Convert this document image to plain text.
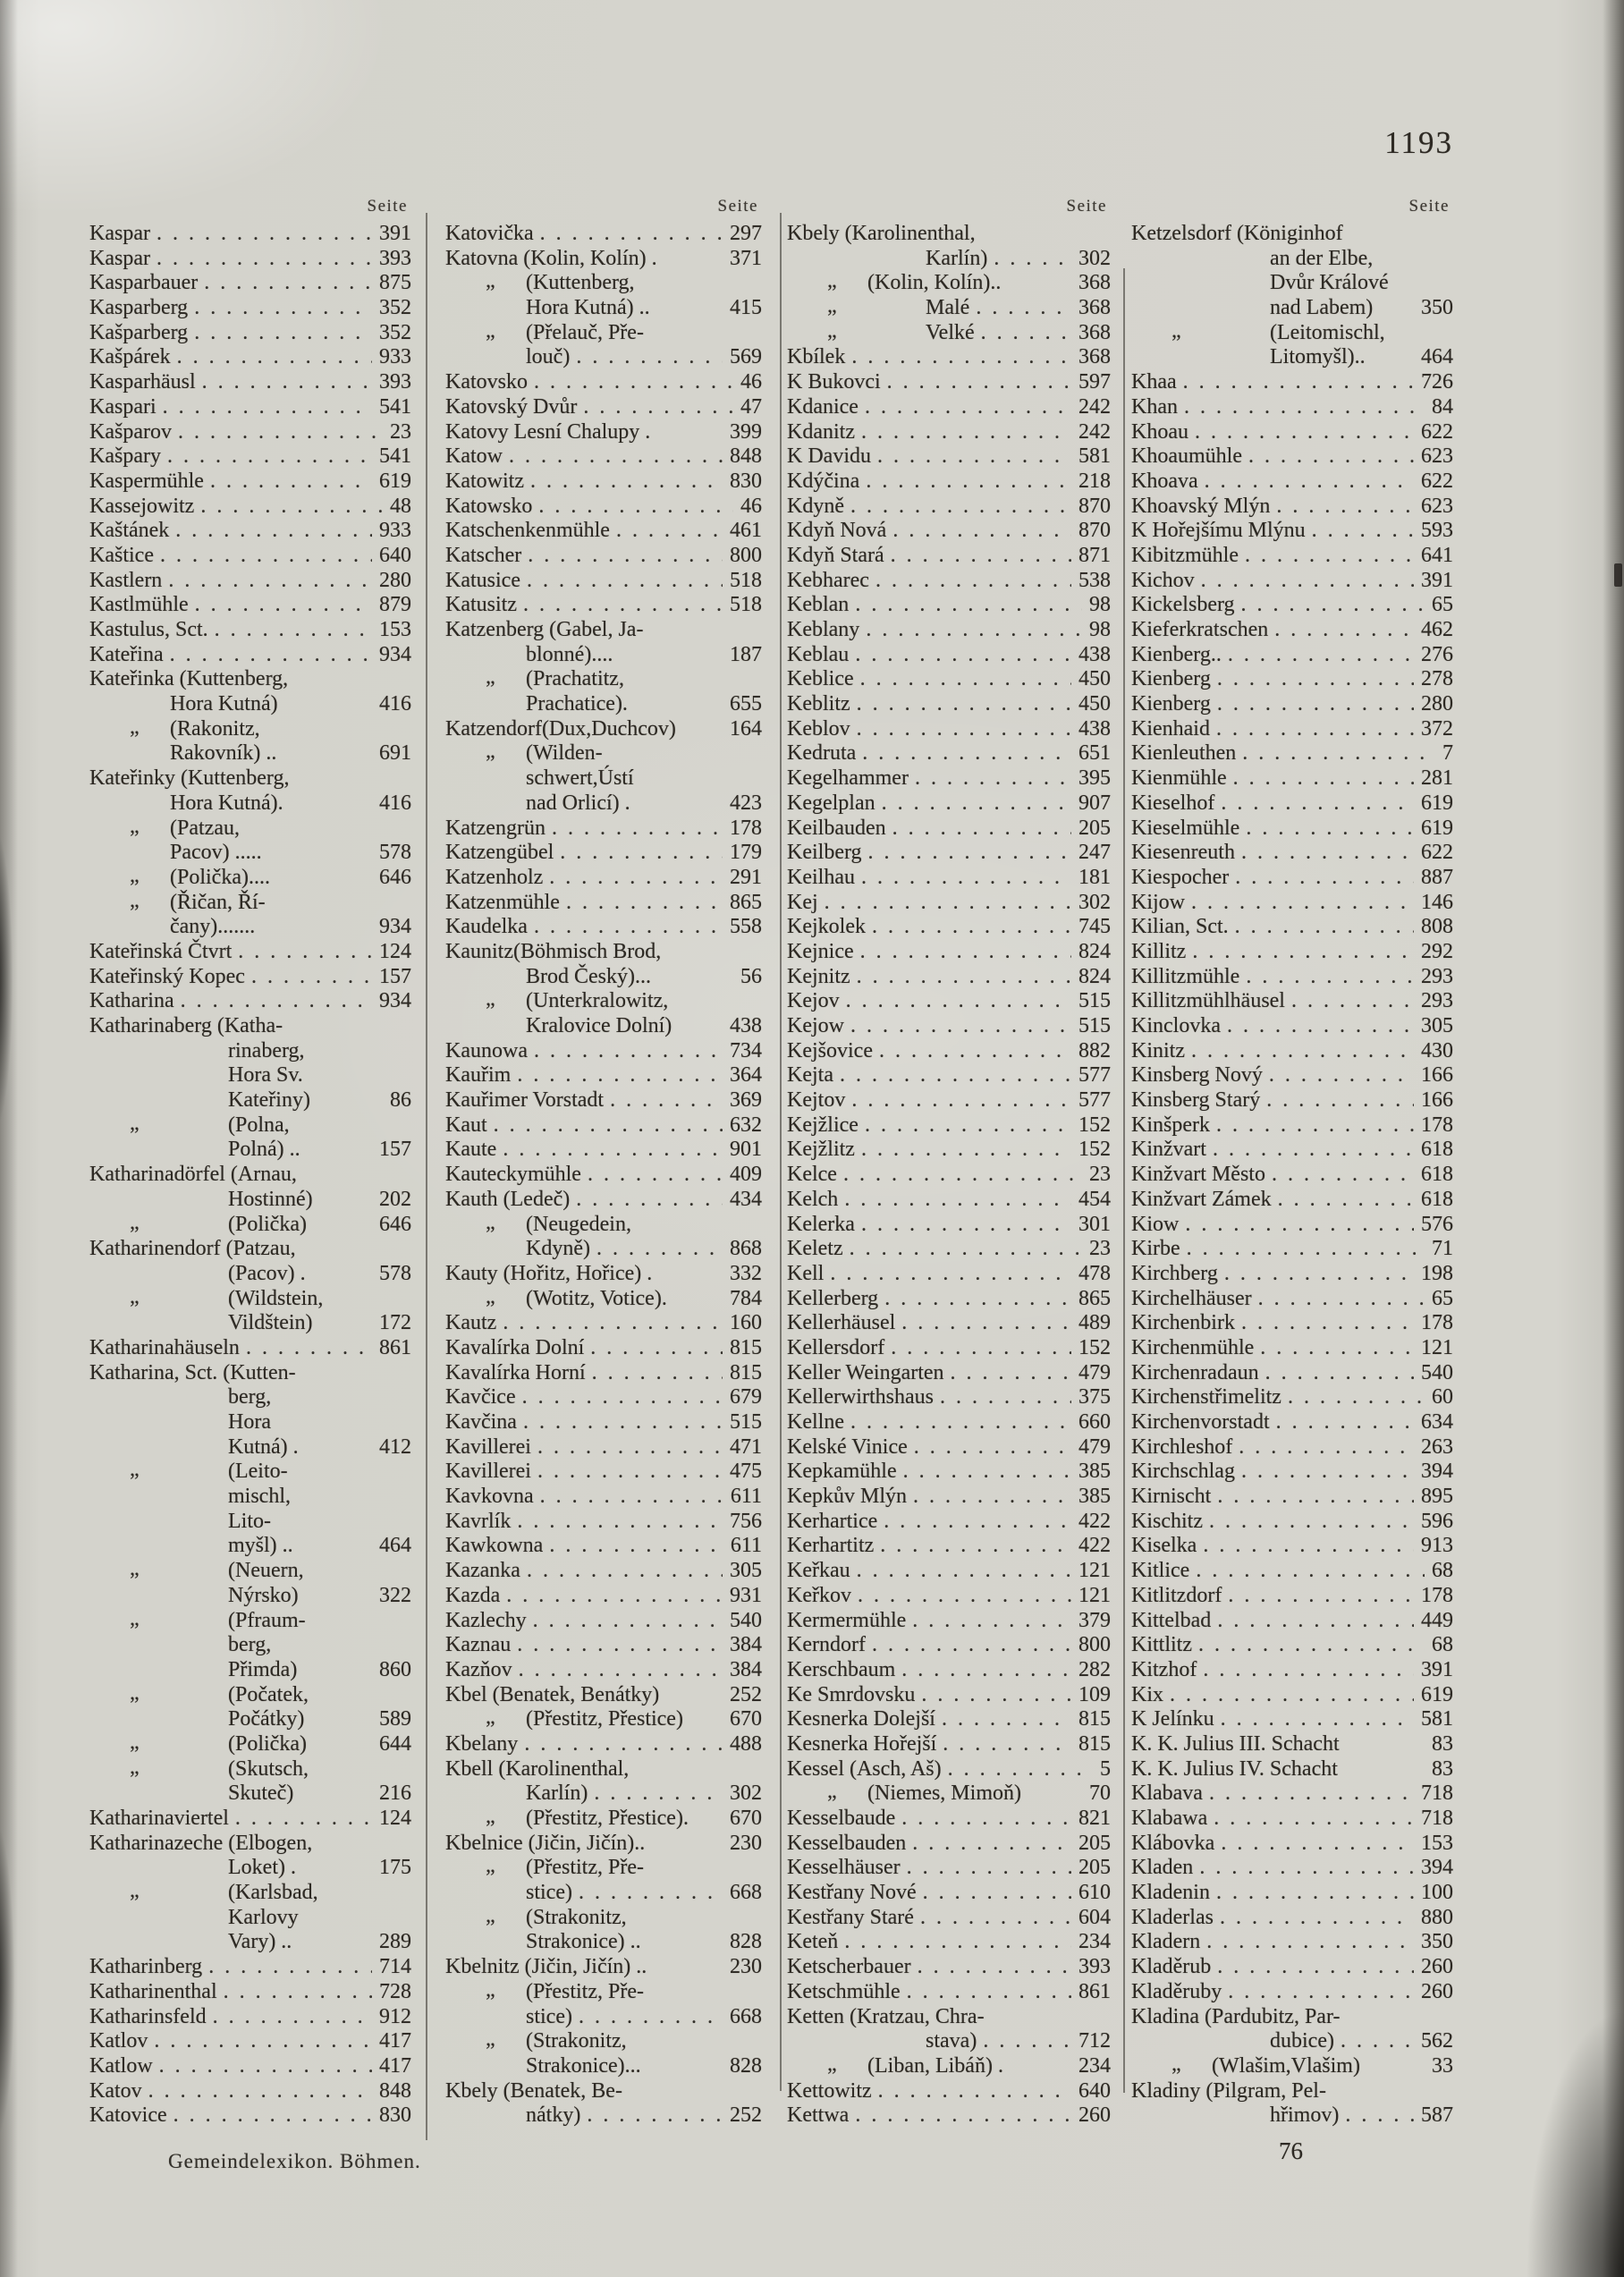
1193
Seite
Kaspar . . .	391
Kaspar . . .	393
Kasparbauer . . .	875
Kasparberg . . .	352
Kašparberg . . .	352
Kašpárek . . .	933
Kasparhäusl . . .	393
Kaspari . . .	541
Kašparov . . .	23
Kašpary . . .	541
Kaspermühle . . .	619
Kassejowitz . . .	48
Kaštánek . . .	933
Kaštice . . .	640
Kastlern . . .	280
Kastlmühle . . .	879
Kastulus, Sct. . . .	153
Kateřina . . .	934
Kateřinka (Kuttenberg,
Hora Kutná)	416
„ (Rakonitz,
Rakovník) ..	691
Kateřinky (Kuttenberg,
Hora Kutná).	416
„ (Patzau,
Pacov) .....	578
„ (Polička)....	646
„ (Řičan, Ří-
čany).......	934
Kateřinská Čtvrt . . .	124
Kateřinský Kopec . . .	157
Katharina . . .	934
Katharinaberg (Katha-
rinaberg,
Hora Sv.
Kateřiny)	86
„	(Polna,
Polná) ..	157
Katharinadörfel (Arnau,
Hostinné)	202
„	(Polička)	646
Katharinendorf (Patzau,
(Pacov) .	578
„	(Wildstein,
Vildštein)	172
Katharinahäuseln . . .	861
Katharina, Sct. (Kutten-
berg,
Hora
Kutná) .	412
„	(Leito-
mischl,
Lito-
myšl) ..	464
„	(Neuern,
Nýrsko)	322
„	(Pfraum-
berg,
Přimda)	860
„	(Počatek,
Počátky)	589
„	(Polička)	644
„	(Skutsch,
Skuteč)	216
Katharinaviertel . . .	124
Katharinazeche (Elbogen,
Loket) .	175
„	(Karlsbad,
Karlovy
Vary) ..	289
Katharinberg . . .	714
Katharinenthal . . .	728
Katharinsfeld . . .	912
Katlov . . .	417
Katlow . . .	417
Katov . . .	848
Katovice . . .	830
Seite
Katovička . . .	297
Katovna (Kolin, Kolín) .	371
„ (Kuttenberg,
Hora Kutná) ..	415
„ (Přelauč, Pře-
louč) . . .	569
Katovsko . . .	46
Katovský Dvůr . . .	47
Katovy Lesní Chalupy .	399
Katow . . .	848
Katowitz . . .	830
Katowsko . . .	46
Katschenkenmühle . . .	461
Katscher . . .	800
Katusice . . .	518
Katusitz . . .	518
Katzenberg (Gabel, Ja-
blonné)....	187
„ (Prachatitz,
Prachatice).	655
Katzendorf(Dux,Duchcov)	164
„ (Wilden-
schwert,Ústí
nad Orlicí) .	423
Katzengrün . . .	178
Katzengübel . . .	179
Katzenholz . . .	291
Katzenmühle . . .	865
Kaudelka . . .	558
Kaunitz(Böhmisch Brod,
Brod Český)...	56
„ (Unterkralowitz,
Kralovice Dolní)	438
Kaunowa . . .	734
Kauřim . . .	364
Kauřimer Vorstadt . . .	369
Kaut . . .	632
Kaute . . .	901
Kauteckymühle . . .	409
Kauth (Ledeč) . . .	434
„ (Neugedein,
Kdyně) . . .	868
Kauty (Hořitz, Hořice) .	332
„ (Wotitz, Votice).	784
Kautz . . .	160
Kavalírka Dolní . . .	815
Kavalírka Horní . . .	815
Kavčice . . .	679
Kavčina . . .	515
Kavillerei . . .	471
Kavillerei . . .	475
Kavkovna . . .	611
Kavrlík . . .	756
Kawkowna . . .	611
Kazanka . . .	305
Kazda . . .	931
Kazlechy . . .	540
Kaznau . . .	384
Kazňov . . .	384
Kbel (Benatek, Benátky)	252
„ (Přestitz, Přestice) 670
Kbelany . . .	488
Kbell (Karolinenthal,
Karlín) . . .	302
„ (Přestitz, Přestice). 670
Kbelnice (Jičin, Jičín)..	230
„ (Přestitz, Pře-
stice) . . .	668
„ (Strakonitz,
Strakonice) ..	828
Kbelnitz (Jičin, Jičín) ..	230
„ (Přestitz, Pře-
stice) . . .	668
„ (Strakonitz,
Strakonice)...	828
Kbely (Benatek, Be-
nátky) . . .	252
Seite
Kbely (Karolinenthal,
Karlín) . . .	302
„ (Kolin, Kolín)..	368
„	Malé . . .	368
„	Velké . . .	368
Kbílek . . .	368
K Bukovci . . .	597
Kdanice . . .	242
Kdanitz . . .	242
K Davidu . . .	581
Kdýčina . . .	218
Kdyně . . .	870
Kdyň Nová . . .	870
Kdyň Stará . . .	871
Kebharec . . .	538
Keblan . . .	98
Keblany . . .	98
Keblau . . .	438
Keblice . . .	450
Keblitz . . .	450
Keblov . . .	438
Kedruta . . .	651
Kegelhammer . . .	395
Kegelplan . . .	907
Keilbauden . . .	205
Keilberg . . .	247
Keilhau . . .	181
Kej . . .	302
Kejkolek . . .	745
Kejnice . . .	824
Kejnitz . . .	824
Kejov . . .	515
Kejow . . .	515
Kejšovice . . .	882
Kejta . . .	577
Kejtov . . .	577
Kejžlice . . .	152
Kejžlitz . . .	152
Kelce . . .	23
Kelch . . .	454
Kelerka . . .	301
Keletz . . .	23
Kell . . .	478
Kellerberg . . .	865
Kellerhäusel . . .	489
Kellersdorf . . .	152
Keller Weingarten . . .	479
Kellerwirthshaus . . .	375
Kellne . . .	660
Kelské Vinice . . .	479
Kepkamühle . . .	385
Kepkův Mlýn . . .	385
Kerhartice . . .	422
Kerhartitz . . .	422
Keřkau . . .	121
Keřkov . . .	121
Kermermühle . . .	379
Kerndorf . . .	800
Kerschbaum . . .	282
Ke Smrdovsku . . .	109
Kesnerka Dolejší . . .	815
Kesnerka Hořejší . . .	815
Kessel (Asch, Aš) . . .	5
„ (Niemes, Mimoň)	70
Kesselbaude . . .	821
Kesselbauden . . .	205
Kesselhäuser . . .	205
Kestřany Nové . . .	610
Kestřany Staré . . .	604
Keteň . . .	234
Ketscherbauer . . .	393
Ketschmühle . . .	861
Ketten (Kratzau, Chra-
stava) . . .	712
„ (Liban, Libáň) .	234
Kettowitz . . .	640
Kettwa . . .	260
Seite
Ketzelsdorf (Königinhof
an der Elbe,
Dvůr Králové
nad Labem) 350
„	(Leitomischl,
Litomyšl)..	464
Khaa . . .	726
Khan . . .	84
Khoau . . .	622
Khoaumühle . . .	623
Khoava . . .	622
Khoavský Mlýn . . .	623
K Hořejšímu Mlýnu . . .	593
Kibitzmühle . . .	641
Kichov . . .	391
Kickelsberg . . .	65
Kieferkratschen . . .	462
Kienberg.. . . .	276
Kienberg . . .	278
Kienberg . . .	280
Kienhaid . . .	372
Kienleuthen . . .	7
Kienmühle . . .	281
Kieselhof . . .	619
Kieselmühle . . .	619
Kiesenreuth . . .	622
Kiespocher . . .	887
Kijow . . .	146
Kilian, Sct. . . .	808
Killitz . . .	292
Killitzmühle . . .	293
Killitzmühlhäusel . . .	293
Kinclovka . . .	305
Kinitz . . .	430
Kinsberg Nový . . .	166
Kinsberg Starý . . .	166
Kinšperk . . .	178
Kinžvart . . .	618
Kinžvart Město . . .	618
Kinžvart Zámek . . .	618
Kiow . . .	576
Kirbe . . .	71
Kirchberg . . .	198
Kirchelhäuser . . .	65
Kirchenbirk . . .	178
Kirchenmühle . . .	121
Kirchenradaun . . .	540
Kirchenstřimelitz . . .	60
Kirchenvorstadt . . .	634
Kirchleshof . . .	263
Kirchschlag . . .	394
Kirnischt . . .	895
Kischitz . . .	596
Kiselka . . .	913
Kitlice . . .	68
Kitlitzdorf . . .	178
Kittelbad . . .	449
Kittlitz . . .	68
Kitzhof . . .	391
Kix . . .	619
K Jelínku . . .	581
K. K. Julius III. Schacht	83
K. K. Julius IV. Schacht	83
Klabava . . .	718
Klabawa . . .	718
Klábovka . . .	153
Kladen . . .	394
Kladenin . . .	100
Kladerlas . . .	880
Kladern . . .	350
Kladěrub . . .	260
Kladěruby . . .	260
Kladina (Pardubitz, Par-
dubice) . . .	562
„ (Wlašim,Vlašim)	33
Kladiny (Pilgram, Pel-
hřimov) . . .	587
Gemeindelexikon. Böhmen.	76
